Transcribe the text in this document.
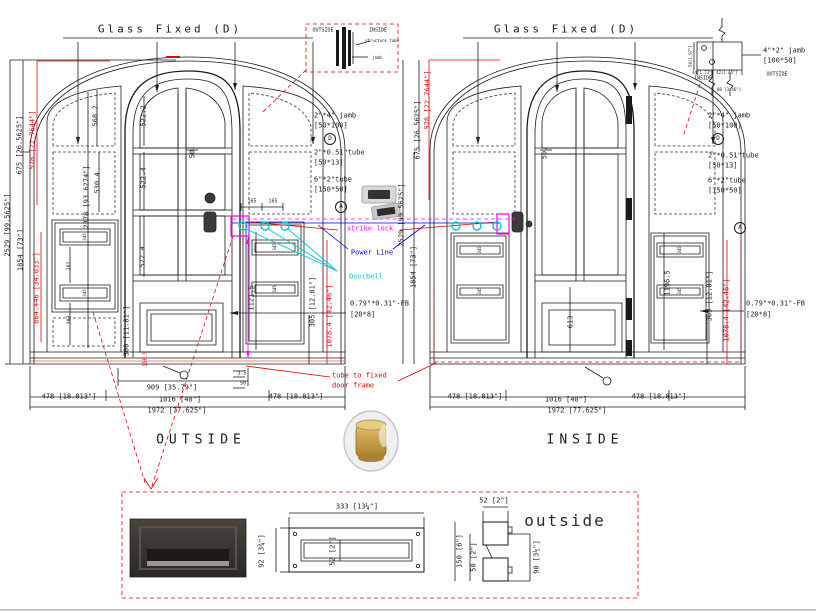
Glass Fixed (D)
675 [26.5625"] 578 [22.7644"]
2529 [99.5625"] 1854 [73"]
864.446 [34.033"]
568.2
2378 [93.6274"] 530.4
522.2
522.4
522.4
50.
165 165
281
303	300 [11.81"]
1121.5
150.5
305 [12.01"] 1078.4 [42.46"] 0.79"*0.31"-FB
[20*8]
3.5
50
909 [35.79"]
478 [18.813"]	1016 [40"]	478 [18.813"]
1972 [77.625"]
OUTSIDE
345
345
345
345
345
345
345
345
2"*4" jamb
[50*100]
D
2"*0.51"tube
[50*13]
6"*2"tube
[150*50]
A
strike lock
Power Line
Doorbell
Glass Fixed (D)
2529 [99.5625"]
1854 [73"]
675 [26.5625"]
578 [22.7644"]
50.
613
1196.5	305 [12.01"] 1078.4 [42.46"] 0.79"*0.31"-FB
[20*8]
478 [18.813"]	1016 [40"]	478 [18.813"]
1972 [77.625"]
INSIDE
2"*4" jamb
[50*100]
D
2"*0.51"tube
[50*13]
6"*2"tube
[150*50]
A
OUTSIDE	INSIDE
structure tube
jamb
4"*2" jamb
[100*50]
INSIDE
OUTSIDE
50[1.97"]
44[1.73"] 42[1.65"]
88 [3.46"]
tube to fixed
door frame
333 [13¼"]
92 [3¾"]	52 [2"]
52 [2"]
150 [6"] 50 [2"]	90 [3½"]
outside
